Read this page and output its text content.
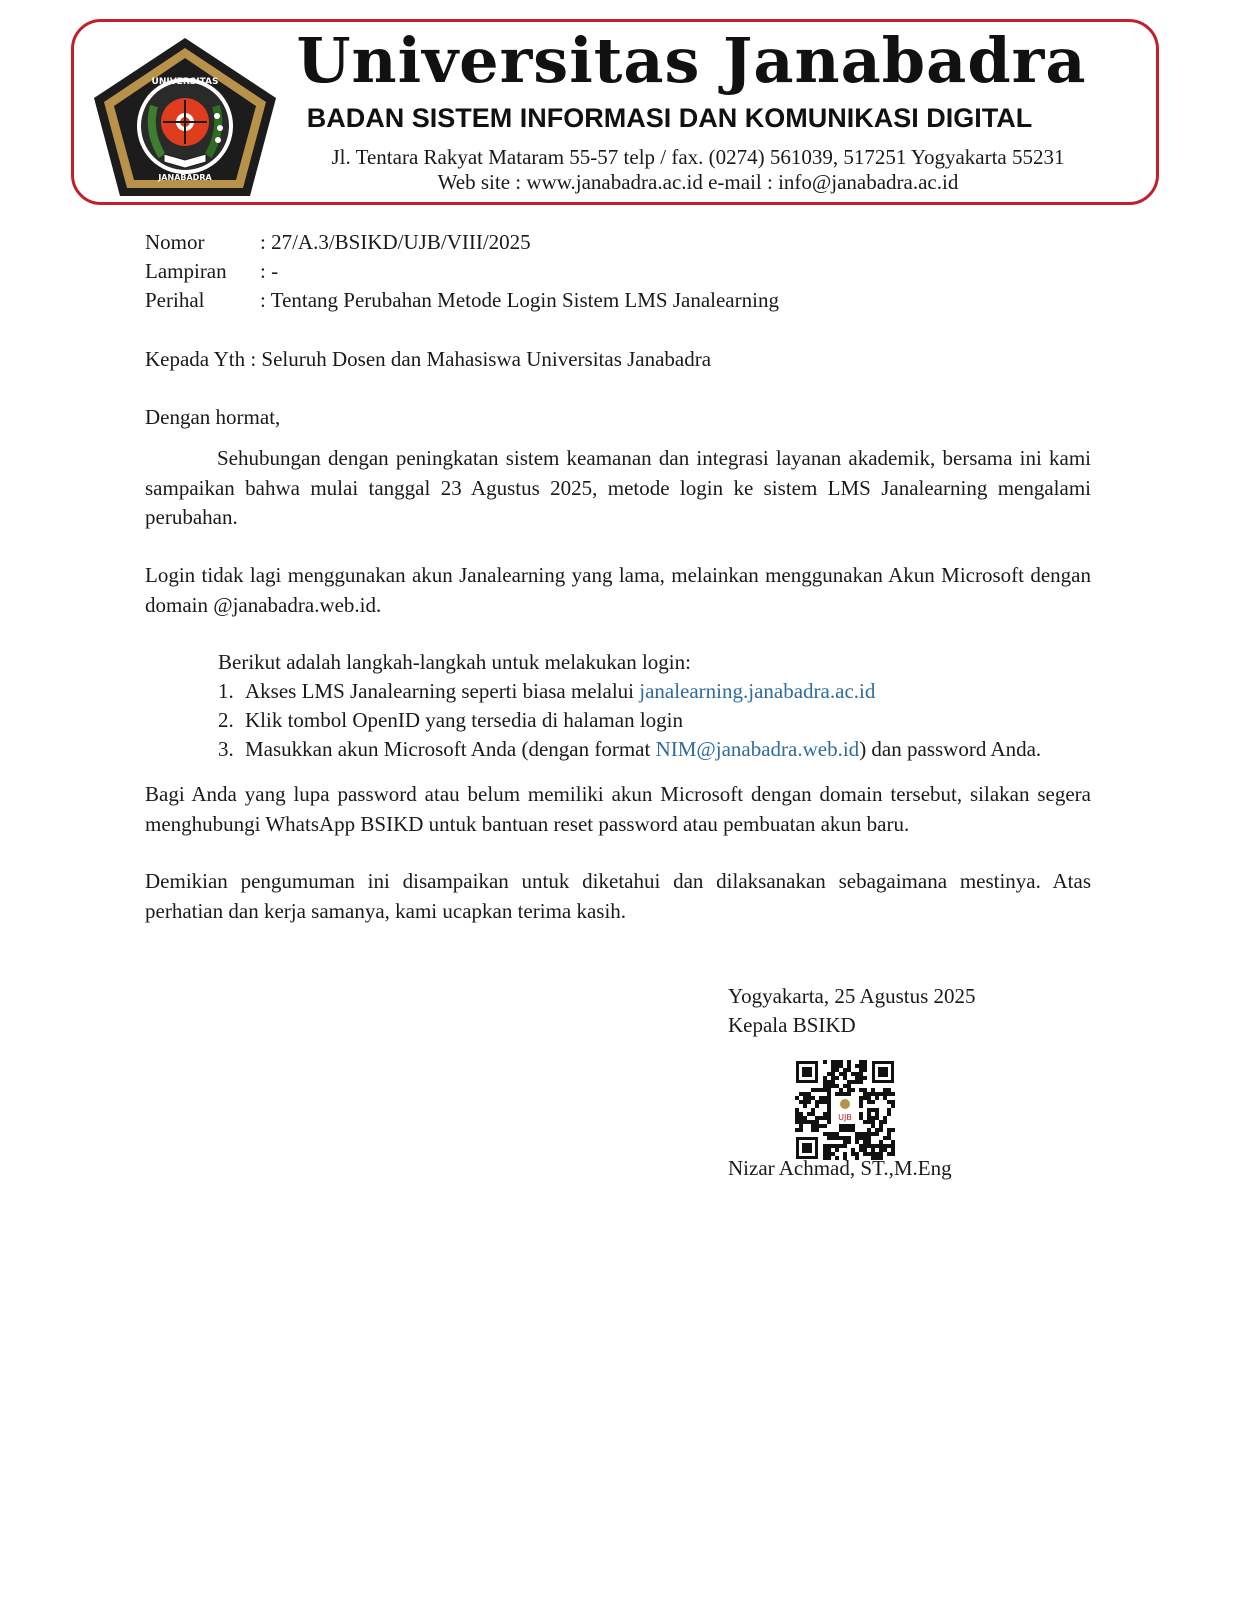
UNIVERSITAS
JANABADRA
Universitas Janabadra
BADAN SISTEM INFORMASI DAN KOMUNIKASI DIGITAL
Jl. Tentara Rakyat Mataram 55-57 telp / fax. (0274) 561039, 517251 Yogyakarta 55231
Web site : www.janabadra.ac.id e-mail : info@janabadra.ac.id
Nomor	: 27/A.3/BSIKD/UJB/VIII/2025
Lampiran : -
Perihal	: Tentang Perubahan Metode Login Sistem LMS Janalearning
Kepada Yth : Seluruh Dosen dan Mahasiswa Universitas Janabadra
Dengan hormat,
Sehubungan dengan peningkatan sistem keamanan dan integrasi layanan akademik, bersama ini kami sampaikan bahwa mulai tanggal 23 Agustus 2025, metode login ke sistem LMS Janalearning mengalami perubahan.
Login tidak lagi menggunakan akun Janalearning yang lama, melainkan menggunakan Akun Microsoft dengan domain @janabadra.web.id.
Berikut adalah langkah-langkah untuk melakukan login:
1. Akses LMS Janalearning seperti biasa melalui janalearning.janabadra.ac.id
2. Klik tombol OpenID yang tersedia di halaman login
3. Masukkan akun Microsoft Anda (dengan format NIM@janabadra.web.id) dan password Anda.
Bagi Anda yang lupa password atau belum memiliki akun Microsoft dengan domain tersebut, silakan segera menghubungi WhatsApp BSIKD untuk bantuan reset password atau pembuatan akun baru.
Demikian pengumuman ini disampaikan untuk diketahui dan dilaksanakan sebagaimana mestinya. Atas perhatian dan kerja samanya, kami ucapkan terima kasih.
Yogyakarta, 25 Agustus 2025
Kepala BSIKD
UJB
Nizar Achmad, ST.,M.Eng
